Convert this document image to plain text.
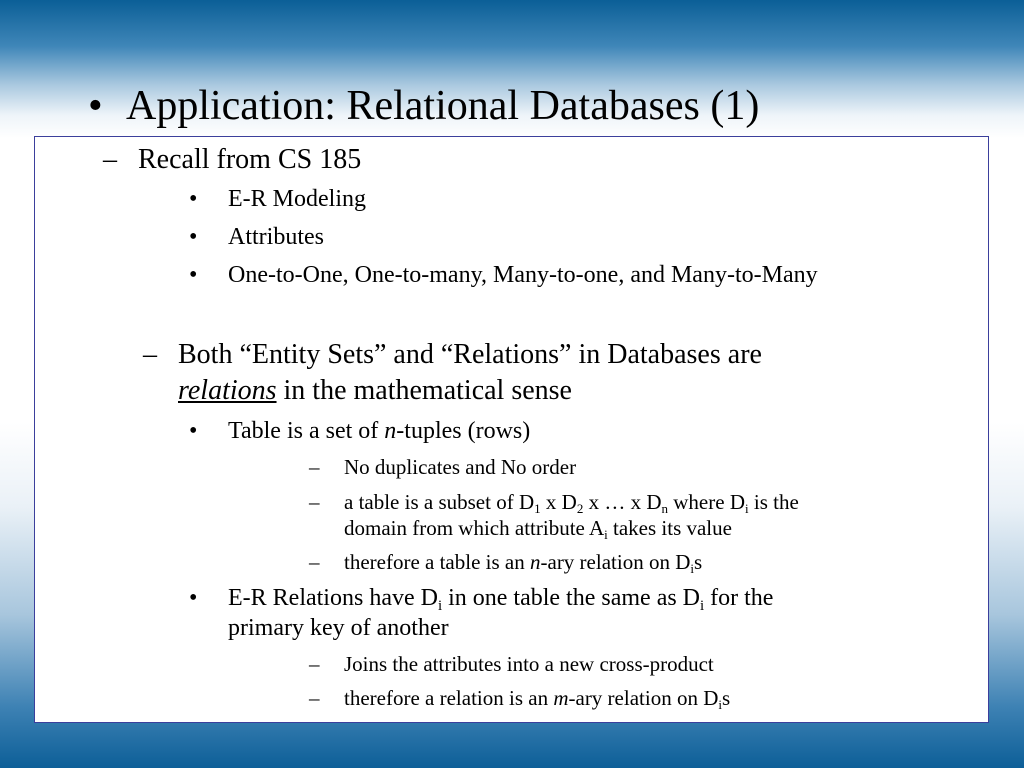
• Application: Relational Databases (1)
– Recall from CS 185
• E-R Modeling
• Attributes
• One-to-One, One-to-many, Many-to-one, and Many-to-Many
– Both “Entity Sets” and “Relations” in Databases are
relations in the mathematical sense
• Table is a set of n-tuples (rows)
– No duplicates and No order
– a table is a subset of $D_1$ x $D_2$ x … x $D_n$ where $D_i$ is the
domain from which attribute $A_i$ takes its value
– therefore a table is an n-ary relation on $D_is$
• E-R Relations have $D_i$ in one table the same as $D_i$ for the
primary key of another
– Joins the attributes into a new cross-product
– therefore a relation is an m-ary relation on $D_is$
